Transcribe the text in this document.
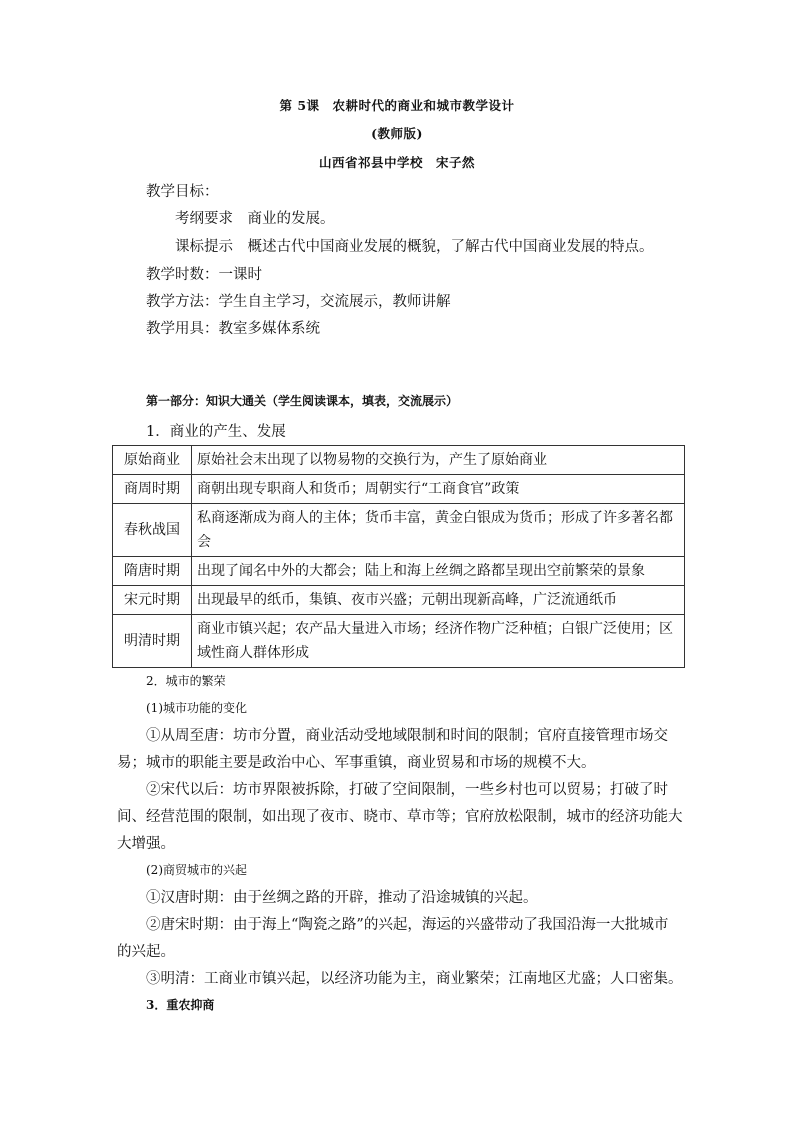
第 5课　农耕时代的商业和城市教学设计
(教师版)
山西省祁县中学校　宋子然
教学目标：
考纲要求　商业的发展。
课标提示　概述古代中国商业发展的概貌，了解古代中国商业发展的特点。
教学时数：一课时
教学方法：学生自主学习，交流展示，教师讲解
教学用具：教室多媒体系统
第一部分：知识大通关（学生阅读课本，填表，交流展示）
1．商业的产生、发展
原始商业	原始社会末出现了以物易物的交换行为，产生了原始商业
商周时期	商朝出现专职商人和货币；周朝实行“工商食官”政策
春秋战国	私商逐渐成为商人的主体；货币丰富，黄金白银成为货币；形成了许多著名都会
隋唐时期	出现了闻名中外的大都会；陆上和海上丝绸之路都呈现出空前繁荣的景象
宋元时期	出现最早的纸币，集镇、夜市兴盛；元朝出现新高峰，广泛流通纸币
明清时期	商业市镇兴起；农产品大量进入市场；经济作物广泛种植；白银广泛使用；区域性商人群体形成
2．城市的繁荣
(1)城市功能的变化
①从周至唐：坊市分置，商业活动受地域限制和时间的限制；官府直接管理市场交
易；城市的职能主要是政治中心、军事重镇，商业贸易和市场的规模不大。
②宋代以后：坊市界限被拆除，打破了空间限制，一些乡村也可以贸易；打破了时
间、经营范围的限制，如出现了夜市、晓市、草市等；官府放松限制，城市的经济功能大
大增强。
(2)商贸城市的兴起
①汉唐时期：由于丝绸之路的开辟，推动了沿途城镇的兴起。
②唐宋时期：由于海上“陶瓷之路”的兴起，海运的兴盛带动了我国沿海一大批城市
的兴起。
③明清：工商业市镇兴起，以经济功能为主，商业繁荣；江南地区尤盛；人口密集。
3．重农抑商
